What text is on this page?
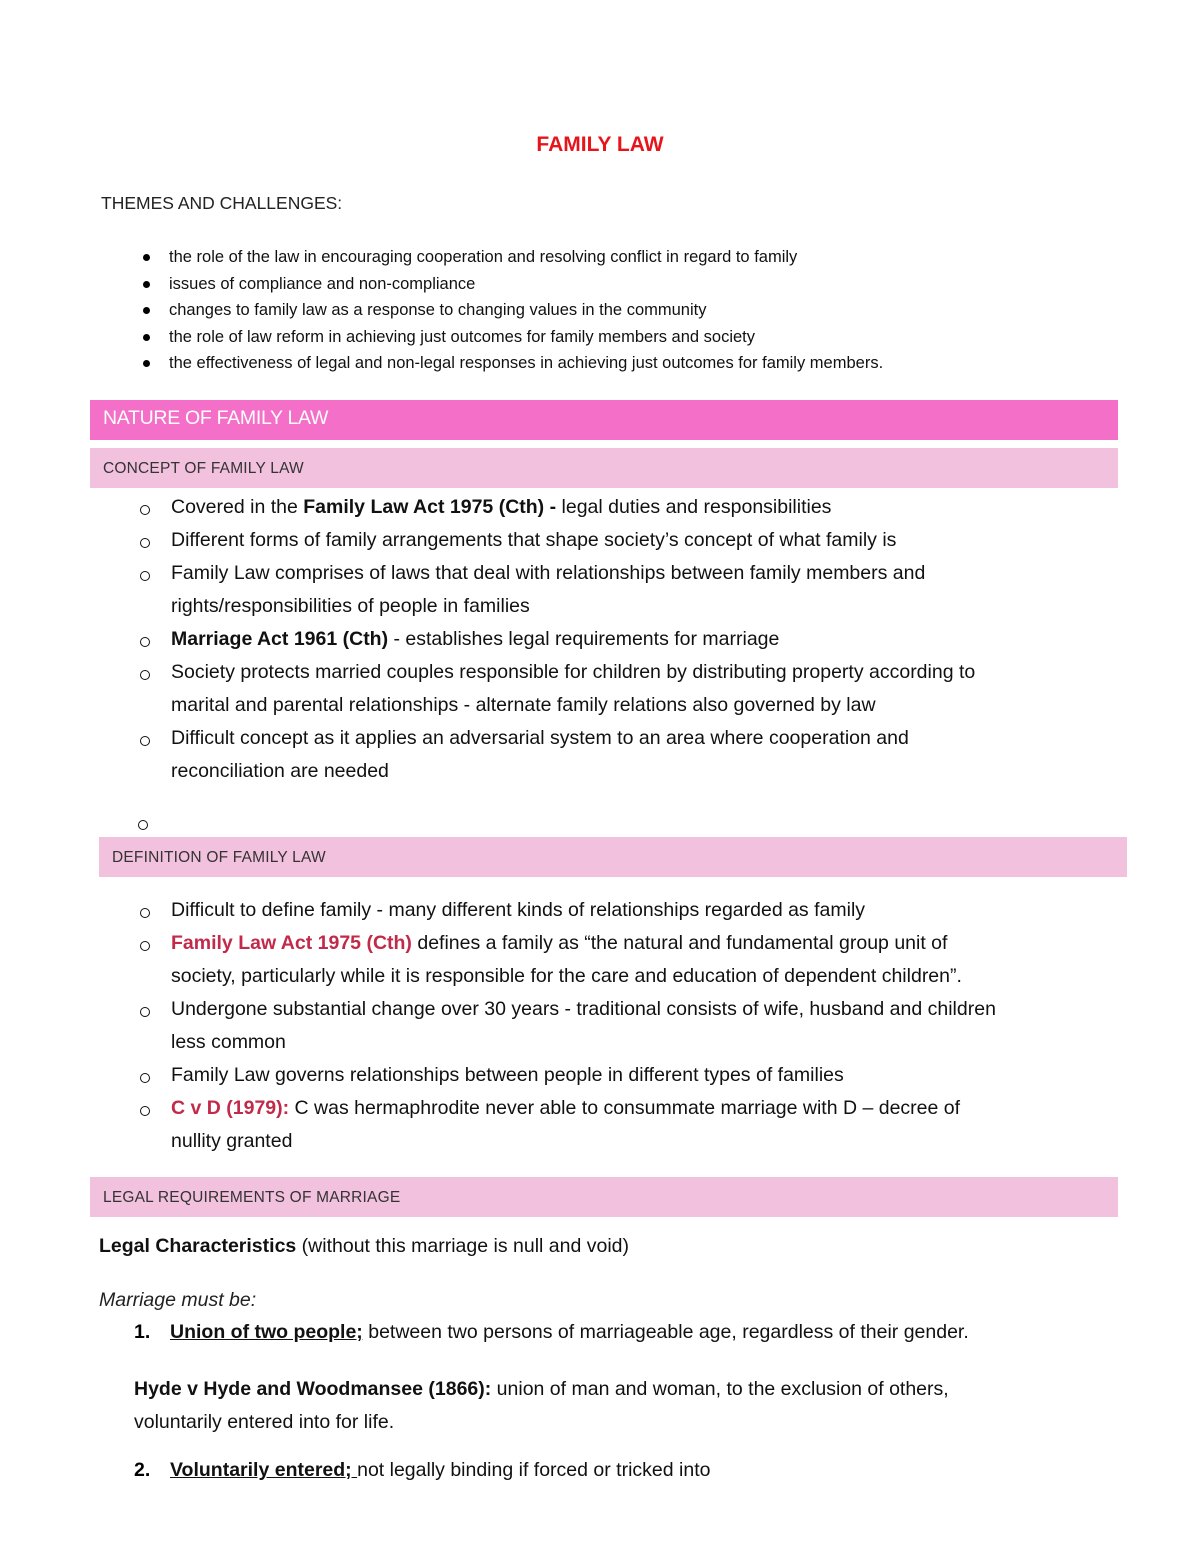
FAMILY LAW
THEMES AND CHALLENGES:
the role of the law in encouraging cooperation and resolving conflict in regard to family
issues of compliance and non-compliance
changes to family law as a response to changing values in the community
the role of law reform in achieving just outcomes for family members and society
the effectiveness of legal and non-legal responses in achieving just outcomes for family members.
NATURE OF FAMILY LAW
CONCEPT OF FAMILY LAW
Covered in the Family Law Act 1975 (Cth) - legal duties and responsibilities
Different forms of family arrangements that shape society’s concept of what family is
Family Law comprises of laws that deal with relationships between family members and
rights/responsibilities of people in families
Marriage Act 1961 (Cth) - establishes legal requirements for marriage
Society protects married couples responsible for children by distributing property according to
marital and parental relationships - alternate family relations also governed by law
Difficult concept as it applies an adversarial system to an area where cooperation and
reconciliation are needed
DEFINITION OF FAMILY LAW
Difficult to define family - many different kinds of relationships regarded as family
Family Law Act 1975 (Cth) defines a family as “the natural and fundamental group unit of
society, particularly while it is responsible for the care and education of dependent children”.
Undergone substantial change over 30 years - traditional consists of wife, husband and children
less common
Family Law governs relationships between people in different types of families
C v D (1979): C was hermaphrodite never able to consummate marriage with D – decree of
nullity granted
LEGAL REQUIREMENTS OF MARRIAGE
Legal Characteristics (without this marriage is null and void)
Marriage must be:
1. Union of two people; between two persons of marriageable age, regardless of their gender.
Hyde v Hyde and Woodmansee (1866): union of man and woman, to the exclusion of others,
voluntarily entered into for life.
2. Voluntarily entered; not legally binding if forced or tricked into
